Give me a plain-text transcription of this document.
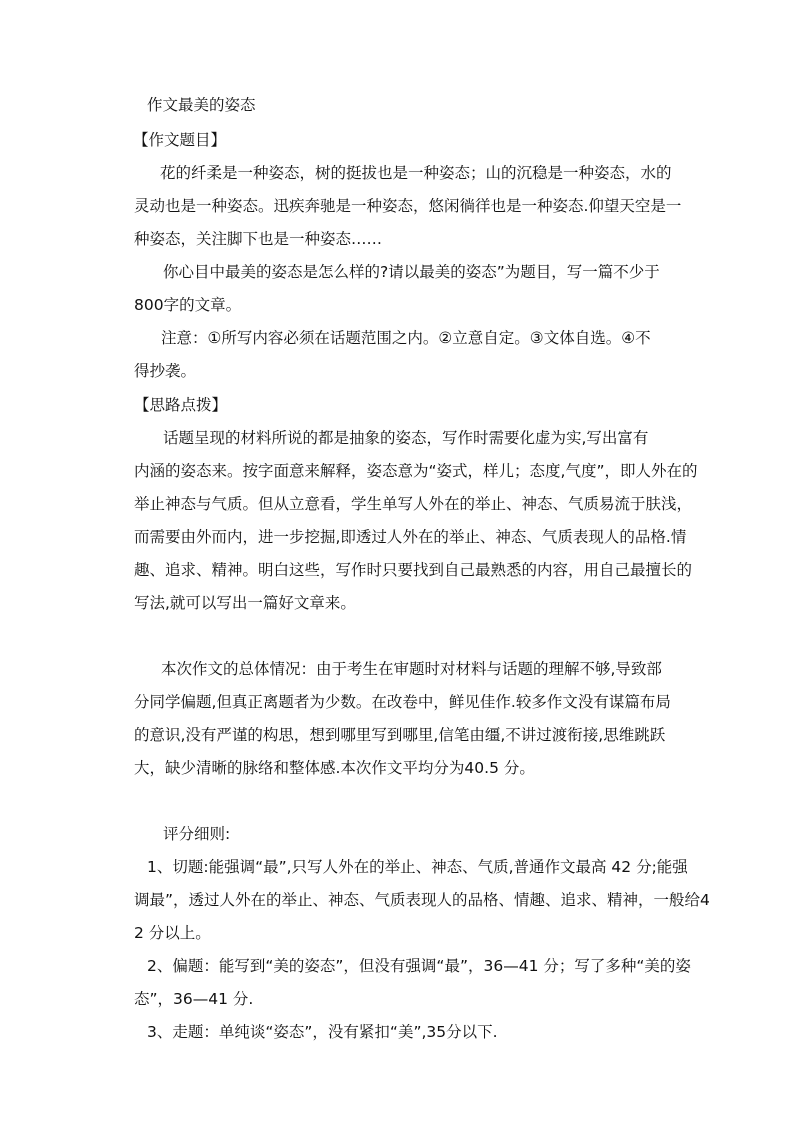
作文最美的姿态

【作文题目】

花的纤柔是一种姿态，树的挺拔也是一种姿态；山的沉稳是一种姿态，水的

灵动也是一种姿态。迅疾奔驰是一种姿态，悠闲徜徉也是一种姿态.仰望天空是一

种姿态，关注脚下也是一种姿态……

你心目中最美的姿态是怎么样的?请以最美的姿态”为题目，写一篇不少于

800字的文章。

注意：①所写内容必须在话题范围之内。②立意自定。③文体自选。④不

得抄袭。

【思路点拨】

话题呈现的材料所说的都是抽象的姿态，写作时需要化虚为实,写出富有

内涵的姿态来。按字面意来解释，姿态意为“姿式，样儿；态度,气度”，即人外在的

举止神态与气质。但从立意看，学生单写人外在的举止、神态、气质易流于肤浅，

而需要由外而内，进一步挖掘,即透过人外在的举止、神态、气质表现人的品格.情

趣、追求、精神。明白这些，写作时只要找到自己最熟悉的内容，用自己最擅长的

写法,就可以写出一篇好文章来。

本次作文的总体情况：由于考生在审题时对材料与话题的理解不够,导致部

分同学偏题,但真正离题者为少数。在改卷中，鲜见佳作.较多作文没有谋篇布局

的意识,没有严谨的构思，想到哪里写到哪里,信笔由缰,不讲过渡衔接,思维跳跃

大，缺少清晰的脉络和整体感.本次作文平均分为40.5 分。

评分细则:

1、切题:能强调“最”,只写人外在的举止、神态、气质,普通作文最高 42 分;能强

调最”，透过人外在的举止、神态、气质表现人的品格、情趣、追求、精神，一般给4

2 分以上。

2、偏题：能写到“美的姿态”，但没有强调“最”，36—41 分；写了多种“美的姿

态”，36—41 分.

3、走题：单纯谈“姿态”，没有紧扣“美”,35分以下.
